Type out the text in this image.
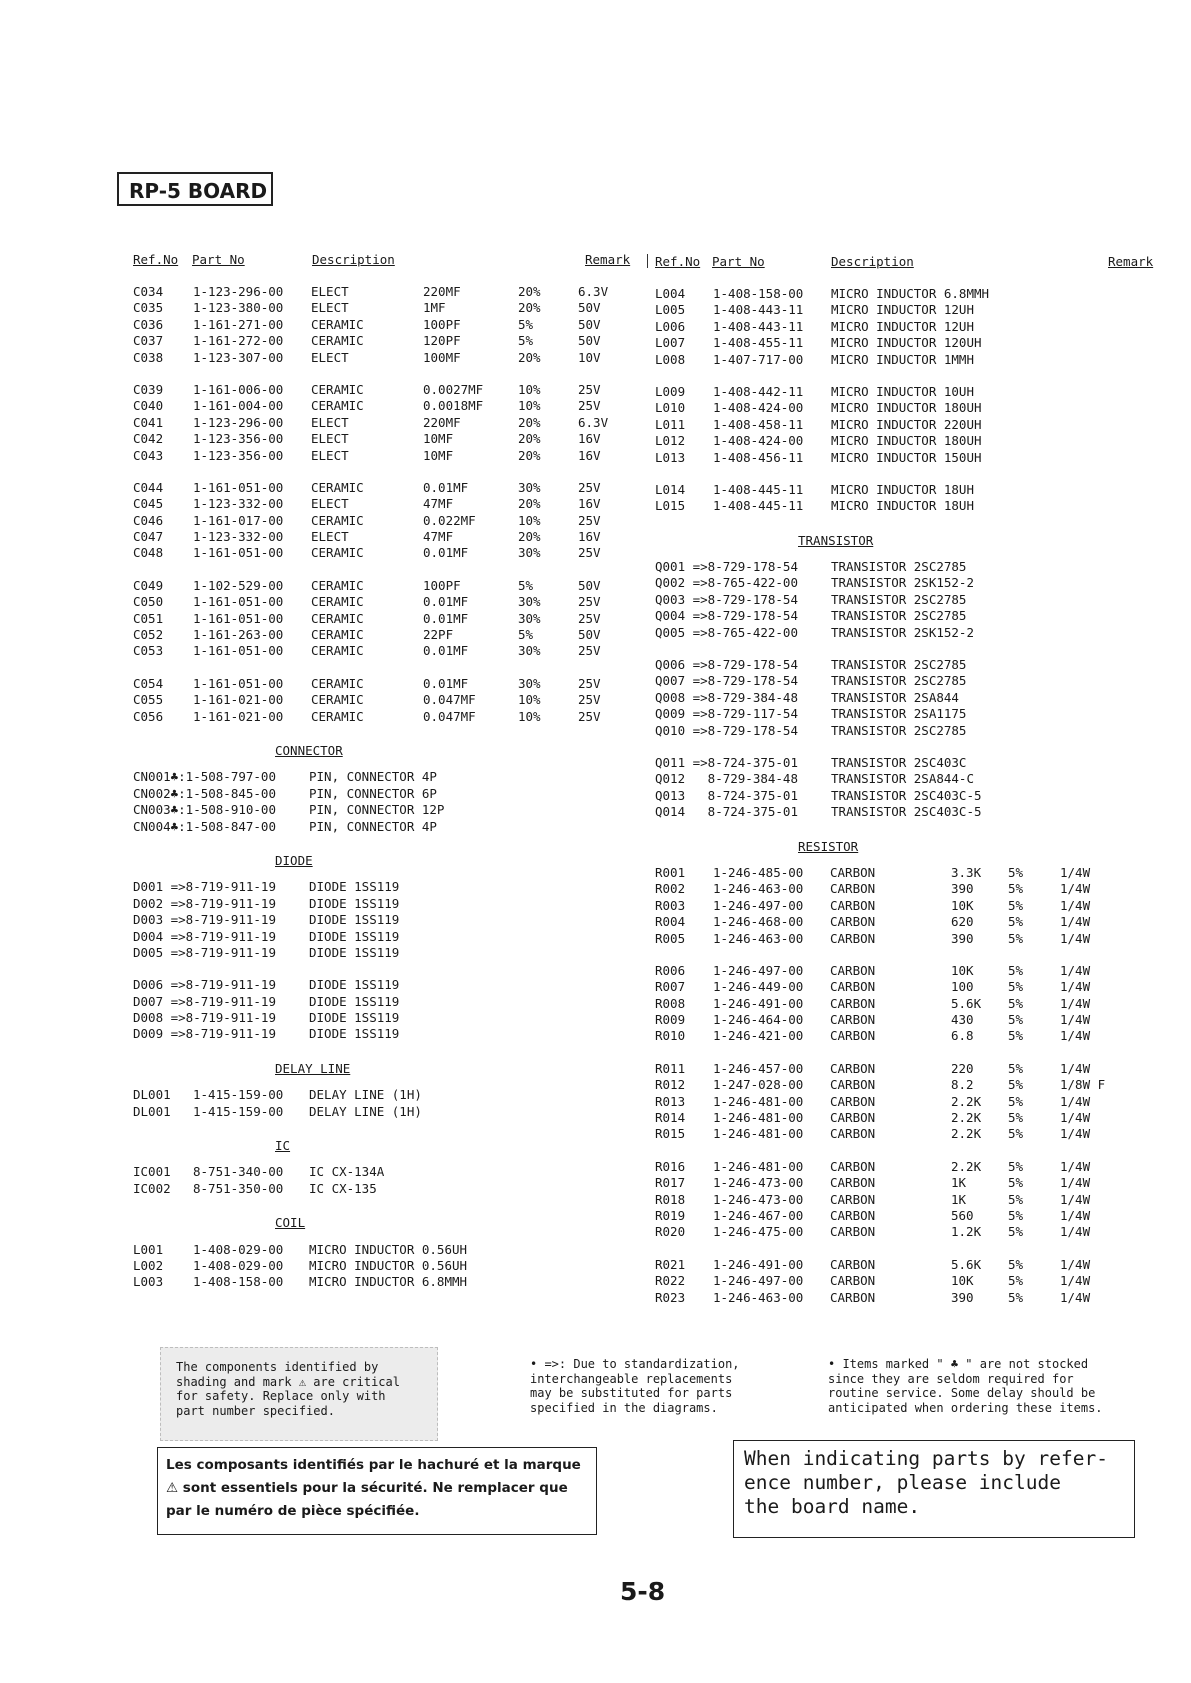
RP-5 BOARD
Ref.No Part No	Description	Remark
C034 1-123-296-00 ELECT	220MF	20%	6.3V
C035 1-123-380-00 ELECT	1MF	20%	50V
C036 1-161-271-00 CERAMIC	100PF	5%	50V
C037 1-161-272-00 CERAMIC	120PF	5%	50V
C038 1-123-307-00 ELECT	100MF	20%	10V
C039 1-161-006-00 CERAMIC	0.0027MF	10%	25V
C040 1-161-004-00 CERAMIC	0.0018MF	10%	25V
C041 1-123-296-00 ELECT	220MF	20%	6.3V
C042 1-123-356-00 ELECT	10MF	20%	16V
C043 1-123-356-00 ELECT	10MF	20%	16V
C044 1-161-051-00 CERAMIC	0.01MF	30%	25V
C045 1-123-332-00 ELECT	47MF	20%	16V
C046 1-161-017-00 CERAMIC	0.022MF	10%	25V
C047 1-123-332-00 ELECT	47MF	20%	16V
C048 1-161-051-00 CERAMIC	0.01MF	30%	25V
C049 1-102-529-00 CERAMIC	100PF	5%	50V
C050 1-161-051-00 CERAMIC	0.01MF	30%	25V
C051 1-161-051-00 CERAMIC	0.01MF	30%	25V
C052 1-161-263-00 CERAMIC	22PF	5%	50V
C053 1-161-051-00 CERAMIC	0.01MF	30%	25V
C054 1-161-051-00 CERAMIC	0.01MF	30%	25V
C055 1-161-021-00 CERAMIC	0.047MF	10%	25V
C056 1-161-021-00 CERAMIC	0.047MF	10%	25V
CONNECTOR
CN001♣:1-508-797-00	PIN, CONNECTOR 4P
CN002♣:1-508-845-00	PIN, CONNECTOR 6P
CN003♣:1-508-910-00	PIN, CONNECTOR 12P
CN004♣:1-508-847-00	PIN, CONNECTOR 4P
DIODE
D001 =>8-719-911-19	DIODE 1SS119
D002 =>8-719-911-19	DIODE 1SS119
D003 =>8-719-911-19	DIODE 1SS119
D004 =>8-719-911-19	DIODE 1SS119
D005 =>8-719-911-19	DIODE 1SS119
D006 =>8-719-911-19	DIODE 1SS119
D007 =>8-719-911-19	DIODE 1SS119
D008 =>8-719-911-19	DIODE 1SS119
D009 =>8-719-911-19	DIODE 1SS119
DELAY LINE
DL001 1-415-159-00 DELAY LINE (1H)
DL001 1-415-159-00 DELAY LINE (1H)
IC
IC001 8-751-340-00 IC CX-134A
IC002 8-751-350-00 IC CX-135
COIL
L001 1-408-029-00 MICRO INDUCTOR 0.56UH
L002 1-408-029-00 MICRO INDUCTOR 0.56UH
L003 1-408-158-00 MICRO INDUCTOR 6.8MMH
Ref.No Part No	Description	Remark
L004 1-408-158-00 MICRO INDUCTOR 6.8MMH
L005 1-408-443-11 MICRO INDUCTOR 12UH
L006 1-408-443-11 MICRO INDUCTOR 12UH
L007 1-408-455-11 MICRO INDUCTOR 120UH
L008 1-407-717-00 MICRO INDUCTOR 1MMH
L009 1-408-442-11 MICRO INDUCTOR 10UH
L010 1-408-424-00 MICRO INDUCTOR 180UH
L011 1-408-458-11 MICRO INDUCTOR 220UH
L012 1-408-424-00 MICRO INDUCTOR 180UH
L013 1-408-456-11 MICRO INDUCTOR 150UH
L014 1-408-445-11 MICRO INDUCTOR 18UH
L015 1-408-445-11 MICRO INDUCTOR 18UH
TRANSISTOR
Q001 =>8-729-178-54	TRANSISTOR 2SC2785
Q002 =>8-765-422-00	TRANSISTOR 2SK152-2
Q003 =>8-729-178-54	TRANSISTOR 2SC2785
Q004 =>8-729-178-54	TRANSISTOR 2SC2785
Q005 =>8-765-422-00	TRANSISTOR 2SK152-2
Q006 =>8-729-178-54	TRANSISTOR 2SC2785
Q007 =>8-729-178-54	TRANSISTOR 2SC2785
Q008 =>8-729-384-48	TRANSISTOR 2SA844
Q009 =>8-729-117-54	TRANSISTOR 2SA1175
Q010 =>8-729-178-54	TRANSISTOR 2SC2785
Q011 =>8-724-375-01	TRANSISTOR 2SC403C
Q012   8-729-384-48	TRANSISTOR 2SA844-C
Q013   8-724-375-01	TRANSISTOR 2SC403C-5
Q014   8-724-375-01	TRANSISTOR 2SC403C-5
RESISTOR
R001 1-246-485-00 CARBON	3.3K 5%	1/4W
R002 1-246-463-00 CARBON	390	5%	1/4W
R003 1-246-497-00 CARBON	10K	5%	1/4W
R004 1-246-468-00 CARBON	620	5%	1/4W
R005 1-246-463-00 CARBON	390	5%	1/4W
R006 1-246-497-00 CARBON	10K	5%	1/4W
R007 1-246-449-00 CARBON	100	5%	1/4W
R008 1-246-491-00 CARBON	5.6K 5%	1/4W
R009 1-246-464-00 CARBON	430	5%	1/4W
R010 1-246-421-00 CARBON	6.8	5%	1/4W
R011 1-246-457-00 CARBON	220	5%	1/4W
R012 1-247-028-00 CARBON	8.2	5%	1/8W F
R013 1-246-481-00 CARBON	2.2K 5%	1/4W
R014 1-246-481-00 CARBON	2.2K 5%	1/4W
R015 1-246-481-00 CARBON	2.2K 5%	1/4W
R016 1-246-481-00 CARBON	2.2K 5%	1/4W
R017 1-246-473-00 CARBON	1K	5%	1/4W
R018 1-246-473-00 CARBON	1K	5%	1/4W
R019 1-246-467-00 CARBON	560	5%	1/4W
R020 1-246-475-00 CARBON	1.2K 5%	1/4W
R021 1-246-491-00 CARBON	5.6K 5%	1/4W
R022 1-246-497-00 CARBON	10K	5%	1/4W
R023 1-246-463-00 CARBON	390	5%	1/4W
The components identified by
shading and mark ⚠ are critical
for safety. Replace only with
part number specified.
• =>: Due to standardization,
interchangeable replacements
may be substituted for parts
specified in the diagrams.
• Items marked " ♣ " are not stocked
since they are seldom required for
routine service. Some delay should be
anticipated when ordering these items.
Les composants identifiés par le hachuré et la marque ⚠ sont essentiels pour la sécurité. Ne remplacer que par le numéro de pièce spécifiée.
When indicating parts by refer-
ence number, please include
the board name.
5-8
